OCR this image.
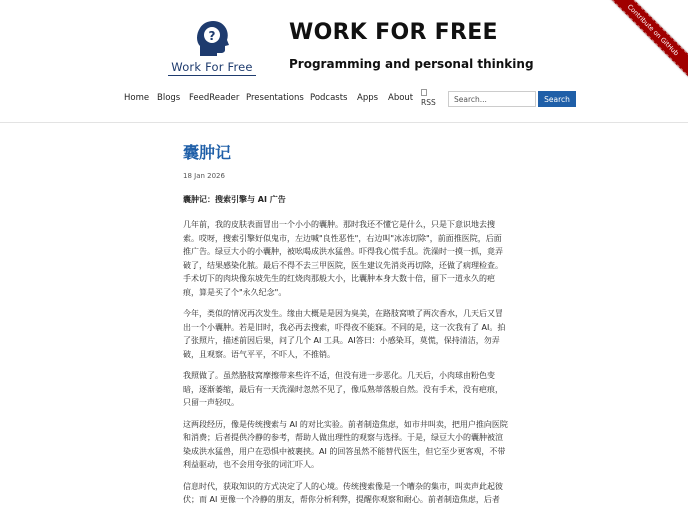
Contribute on GitHub
?
Work For Free
WORK FOR FREE
Programming and personal thinking
Home Blogs FeedReader Presentations Podcasts Apps About RSS
Search...	Search
囊肿记
18 Jan 2026
囊肿记：搜索引擎与 AI 广告

几年前，我的皮肤表面冒出一个小小的囊肿。那时我还不懂它是什么，只是下意识地去搜索。哎呀，搜索引擎好似鬼市，左边喊"良性恶性"，右边叫"冰冻切除"，前面推医院，后面推广告。绿豆大小的小囊肿，被吆喝成洪水猛兽。吓得我心慌手乱。洗澡时一摸一抓，竟弄破了，结果感染化脓。最后不得不去三甲医院，医生建议先消炎再切除，还做了病理检查。手术切下的肉块像东坡先生的红烧肉那般大小，比囊肿本身大数十倍，留下一道永久的疤痕，算是买了个"永久纪念"。

今年，类似的情况再次发生。缘由大概是是因为臭美，在路肢窝喷了两次香水，几天后又冒出一个小囊肿。若是旧时，我必再去搜索，吓得夜不能寐。不同的是，这一次我有了 AI。拍了张照片，描述前因后果，问了几个 AI 工具。AI答曰：小感染耳，莫慌，保持清洁，勿弄破，且观察。语气平平，不吓人，不推销。

我照做了。虽然胳肢窝摩擦带来些许不适，但没有进一步恶化。几天后，小肉球由粉色变暗，逐渐萎缩，最后有一天洗澡时忽然不见了，像瓜熟蒂落般自然。没有手术，没有疤痕，只留一声轻叹。

这两段经历，像是传统搜索与 AI 的对比实验。前者制造焦虑，如市井叫卖，把用户推向医院和消费；后者提供冷静的参考，帮助人做出理性的观察与选择。于是，绿豆大小的囊肿被渲染成洪水猛兽，用户在恐惧中被裹挟。AI 的回答虽然不能替代医生，但它至少更客观，不带利益驱动，也不会用夸张的词汇吓人。

信息时代，获取知识的方式决定了人的心境。传统搜索像是一个嘈杂的集市，叫卖声此起彼伏；而 AI 更像一个冷静的朋友，帮你分析利弊，提醒你观察和耐心。前者制造焦虑，后者
